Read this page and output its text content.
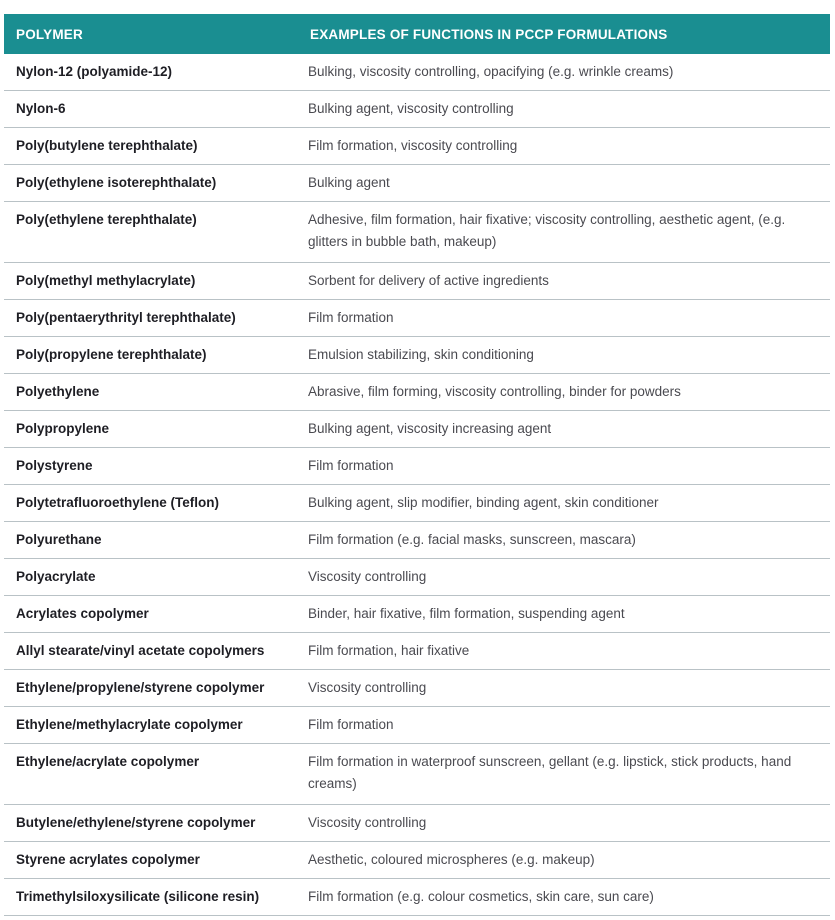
POLYMER	EXAMPLES OF FUNCTIONS IN PCCP FORMULATIONS
Nylon-12 (polyamide-12)	Bulking, viscosity controlling, opacifying (e.g. wrinkle creams)
Nylon-6	Bulking agent, viscosity controlling
Poly(butylene terephthalate)	Film formation, viscosity controlling
Poly(ethylene isoterephthalate)	Bulking agent
Poly(ethylene terephthalate)	Adhesive, film formation, hair fixative; viscosity controlling, aesthetic agent, (e.g. glitters in bubble bath, makeup)
Poly(methyl methylacrylate)	Sorbent for delivery of active ingredients
Poly(pentaerythrityl terephthalate)	Film formation
Poly(propylene terephthalate)	Emulsion stabilizing, skin conditioning
Polyethylene	Abrasive, film forming, viscosity controlling, binder for powders
Polypropylene	Bulking agent, viscosity increasing agent
Polystyrene	Film formation
Polytetrafluoroethylene (Teflon)	Bulking agent, slip modifier, binding agent, skin conditioner
Polyurethane	Film formation (e.g. facial masks, sunscreen, mascara)
Polyacrylate	Viscosity controlling
Acrylates copolymer	Binder, hair fixative, film formation, suspending agent
Allyl stearate/vinyl acetate copolymers	Film formation, hair fixative
Ethylene/propylene/styrene copolymer	Viscosity controlling
Ethylene/methylacrylate copolymer	Film formation
Ethylene/acrylate copolymer	Film formation in waterproof sunscreen, gellant (e.g. lipstick, stick products, hand creams)
Butylene/ethylene/styrene copolymer	Viscosity controlling
Styrene acrylates copolymer	Aesthetic, coloured microspheres (e.g. makeup)
Trimethylsiloxysilicate (silicone resin)	Film formation (e.g. colour cosmetics, skin care, sun care)
